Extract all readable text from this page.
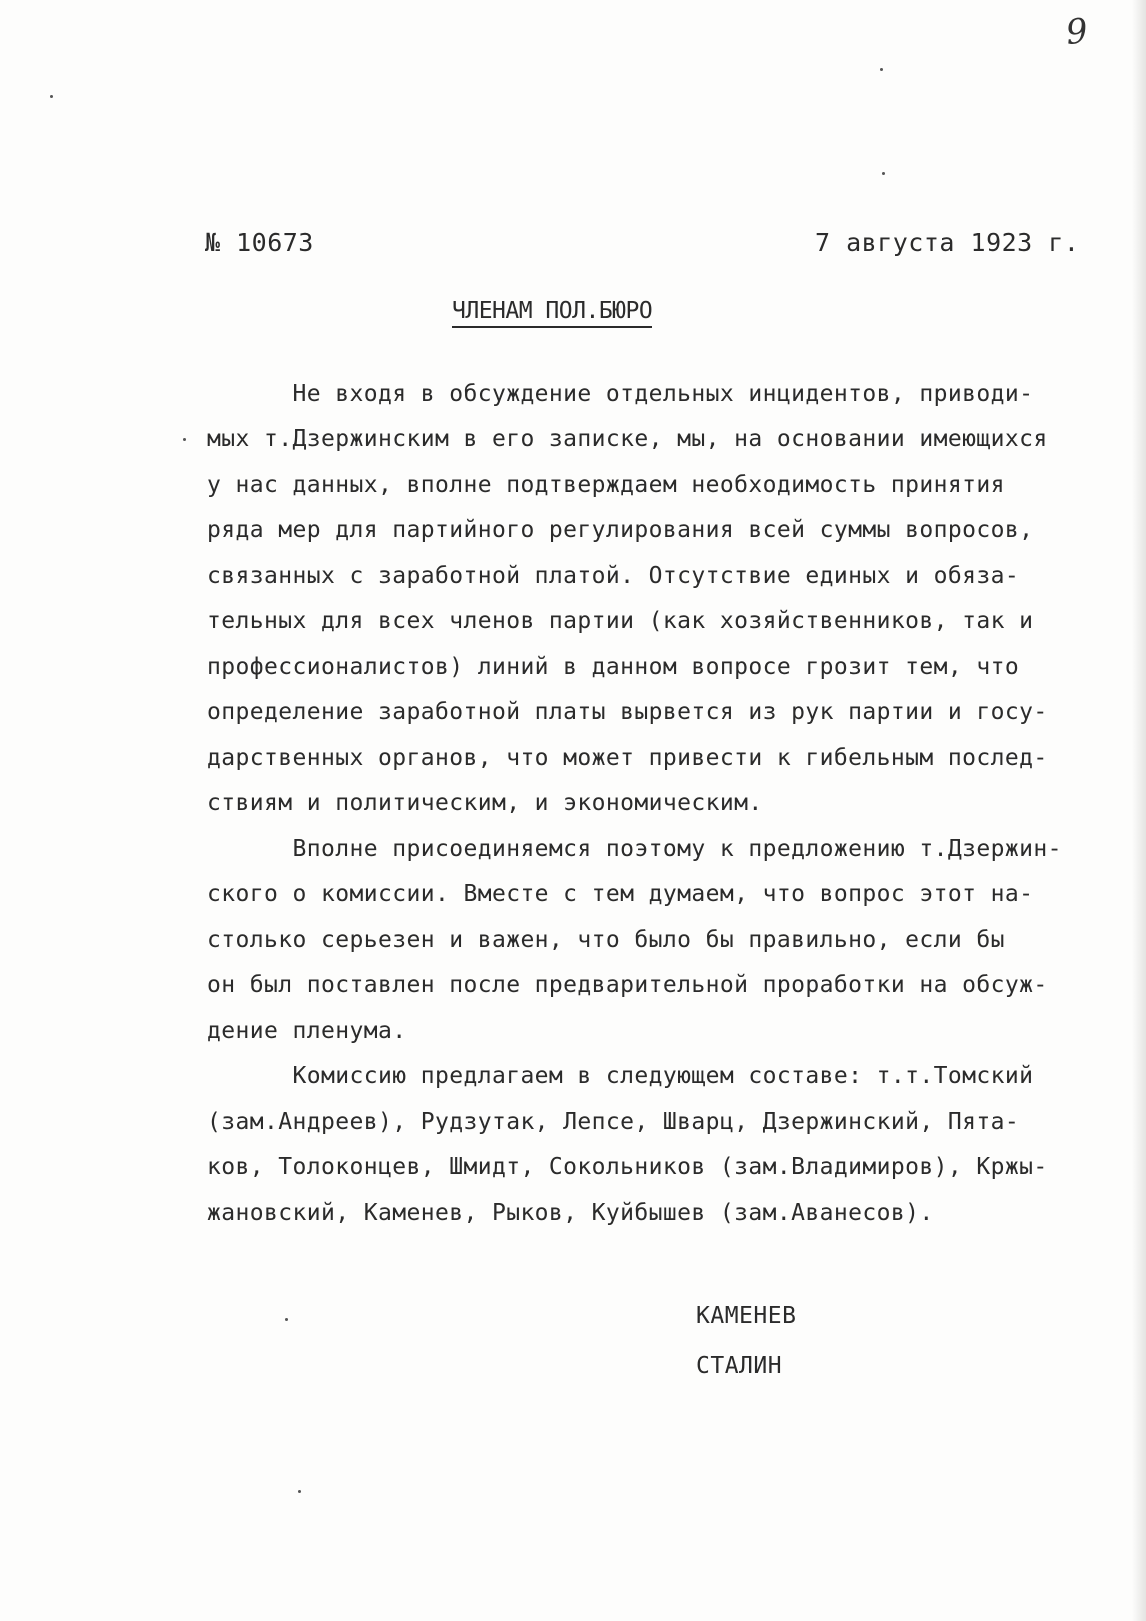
9
№ 10673	7 августа 1923 г.
ЧЛЕНАМ ПОЛ.БЮРО
Не входя в обсуждение отдельных инцидентов, приводи-
мых т.Дзержинским в его записке, мы, на основании имеющихся
у нас данных, вполне подтверждаем необходимость принятия
ряда мер для партийного регулирования всей суммы вопросов,
связанных с заработной платой. Отсутствие единых и обяза-
тельных для всех членов партии (как хозяйственников, так и
профессионалистов) линий в данном вопросе грозит тем, что
определение заработной платы вырвется из рук партии и госу-
дарственных органов, что может привести к гибельным послед-
ствиям и политическим, и экономическим.
Вполне присоединяемся поэтому к предложению т.Дзержин-
ского о комиссии. Вместе с тем думаем, что вопрос этот на-
столько серьезен и важен, что было бы правильно, если бы
он был поставлен после предварительной проработки на обсуж-
дение пленума.
Комиссию предлагаем в следующем составе: т.т.Томский
(зам.Андреев), Рудзутак, Лепсе, Шварц, Дзержинский, Пята-
ков, Толоконцев, Шмидт, Сокольников (зам.Владимиров), Кржы-
жановский, Каменев, Рыков, Куйбышев (зам.Аванесов).
КАМЕНЕВ
СТАЛИН
